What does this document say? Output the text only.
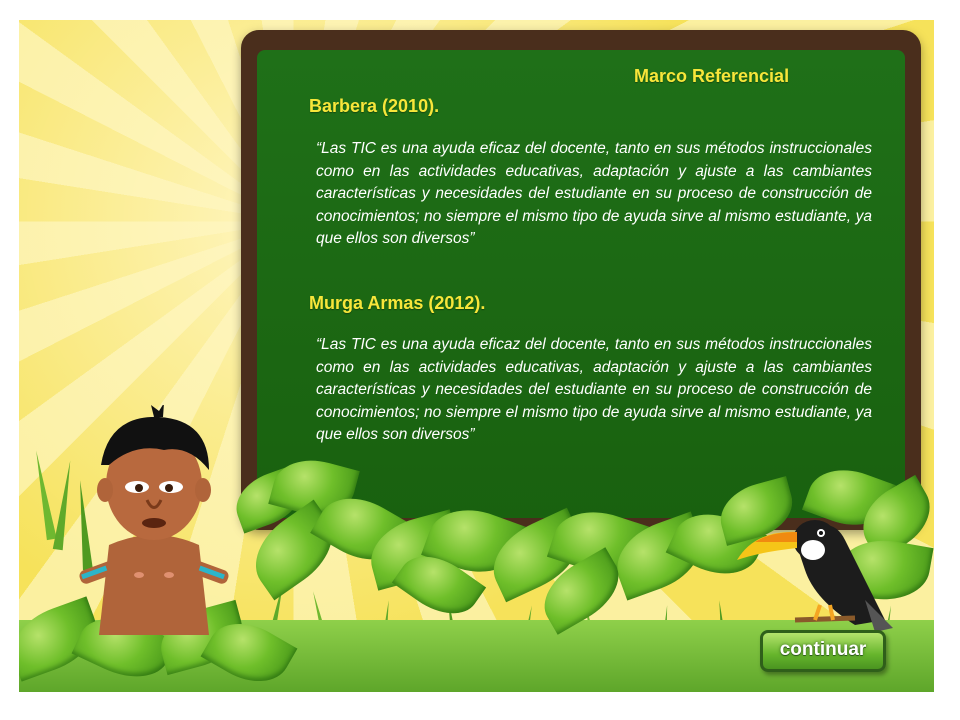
Marco Referencial
Barbera (2010).

“Las TIC es una ayuda eficaz del docente, tanto en sus métodos instruccionales como en las actividades educativas, adaptación y ajuste a las cambiantes características y necesidades del estudiante en su proceso de construcción de conocimientos; no siempre el mismo tipo de ayuda sirve al mismo estudiante, ya que ellos son diversos”

Murga Armas (2012).

“Las TIC es una ayuda eficaz del docente, tanto en sus métodos instruccionales como en las actividades educativas, adaptación y ajuste a las cambiantes características y necesidades del estudiante en su proceso de construcción de conocimientos; no siempre el mismo tipo de ayuda sirve al mismo estudiante, ya que ellos son diversos”

continuar
